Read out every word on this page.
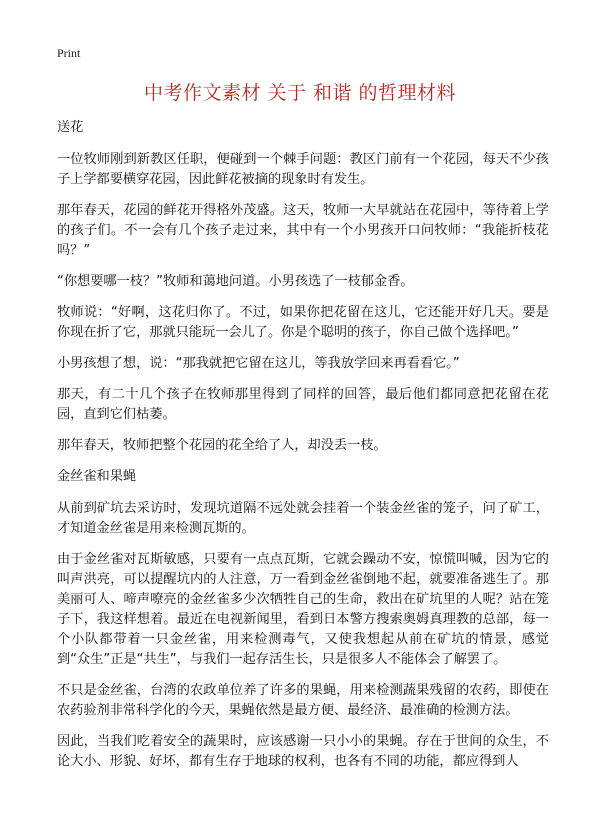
Print
中考作文素材 关于 和谐 的哲理材料
送花

一位牧师刚到新教区任职，便碰到一个棘手问题：教区门前有一个花园，每天不少孩子上学都要横穿花园，因此鲜花被摘的现象时有发生。

那年春天，花园的鲜花开得格外茂盛。这天，牧师一大早就站在花园中，等待着上学的孩子们。不一会有几个孩子走过来，其中有一个小男孩开口问牧师：“我能折枝花吗？”

“你想要哪一枝？”牧师和蔼地问道。小男孩选了一枝郁金香。

牧师说：“好啊，这花归你了。不过，如果你把花留在这儿，它还能开好几天。要是你现在折了它，那就只能玩一会儿了。你是个聪明的孩子，你自己做个选择吧。”

小男孩想了想，说：“那我就把它留在这儿，等我放学回来再看看它。”

那天，有二十几个孩子在牧师那里得到了同样的回答，最后他们都同意把花留在花园，直到它们枯萎。

那年春天，牧师把整个花园的花全给了人，却没丢一枝。

金丝雀和果蝇

从前到矿坑去采访时，发现坑道隔不远处就会挂着一个装金丝雀的笼子，问了矿工，才知道金丝雀是用来检测瓦斯的。

由于金丝雀对瓦斯敏感，只要有一点点瓦斯，它就会躁动不安，惊慌叫喊，因为它的叫声洪亮，可以提醒坑内的人注意，万一看到金丝雀倒地不起，就要准备逃生了。那美丽可人、啼声嘹亮的金丝雀多少次牺牲自己的生命，救出在矿坑里的人呢？站在笼子下，我这样想着。最近在电视新闻里，看到日本警方搜索奥姆真理教的总部，每一个小队都带着一只金丝雀，用来检测毒气，又使我想起从前在矿坑的情景，感觉到“众生”正是“共生”，与我们一起存活生长，只是很多人不能体会了解罢了。

不只是金丝雀，台湾的农政单位养了许多的果蝇，用来检测蔬果残留的农药，即使在农药验剂非常科学化的今天，果蝇依然是最方便、最经济、最准确的检测方法。

因此，当我们吃着安全的蔬果时，应该感谢一只小小的果蝇。存在于世间的众生，不论大小、形貌、好坏，都有生存于地球的权利，也各有不同的功能，都应得到人
